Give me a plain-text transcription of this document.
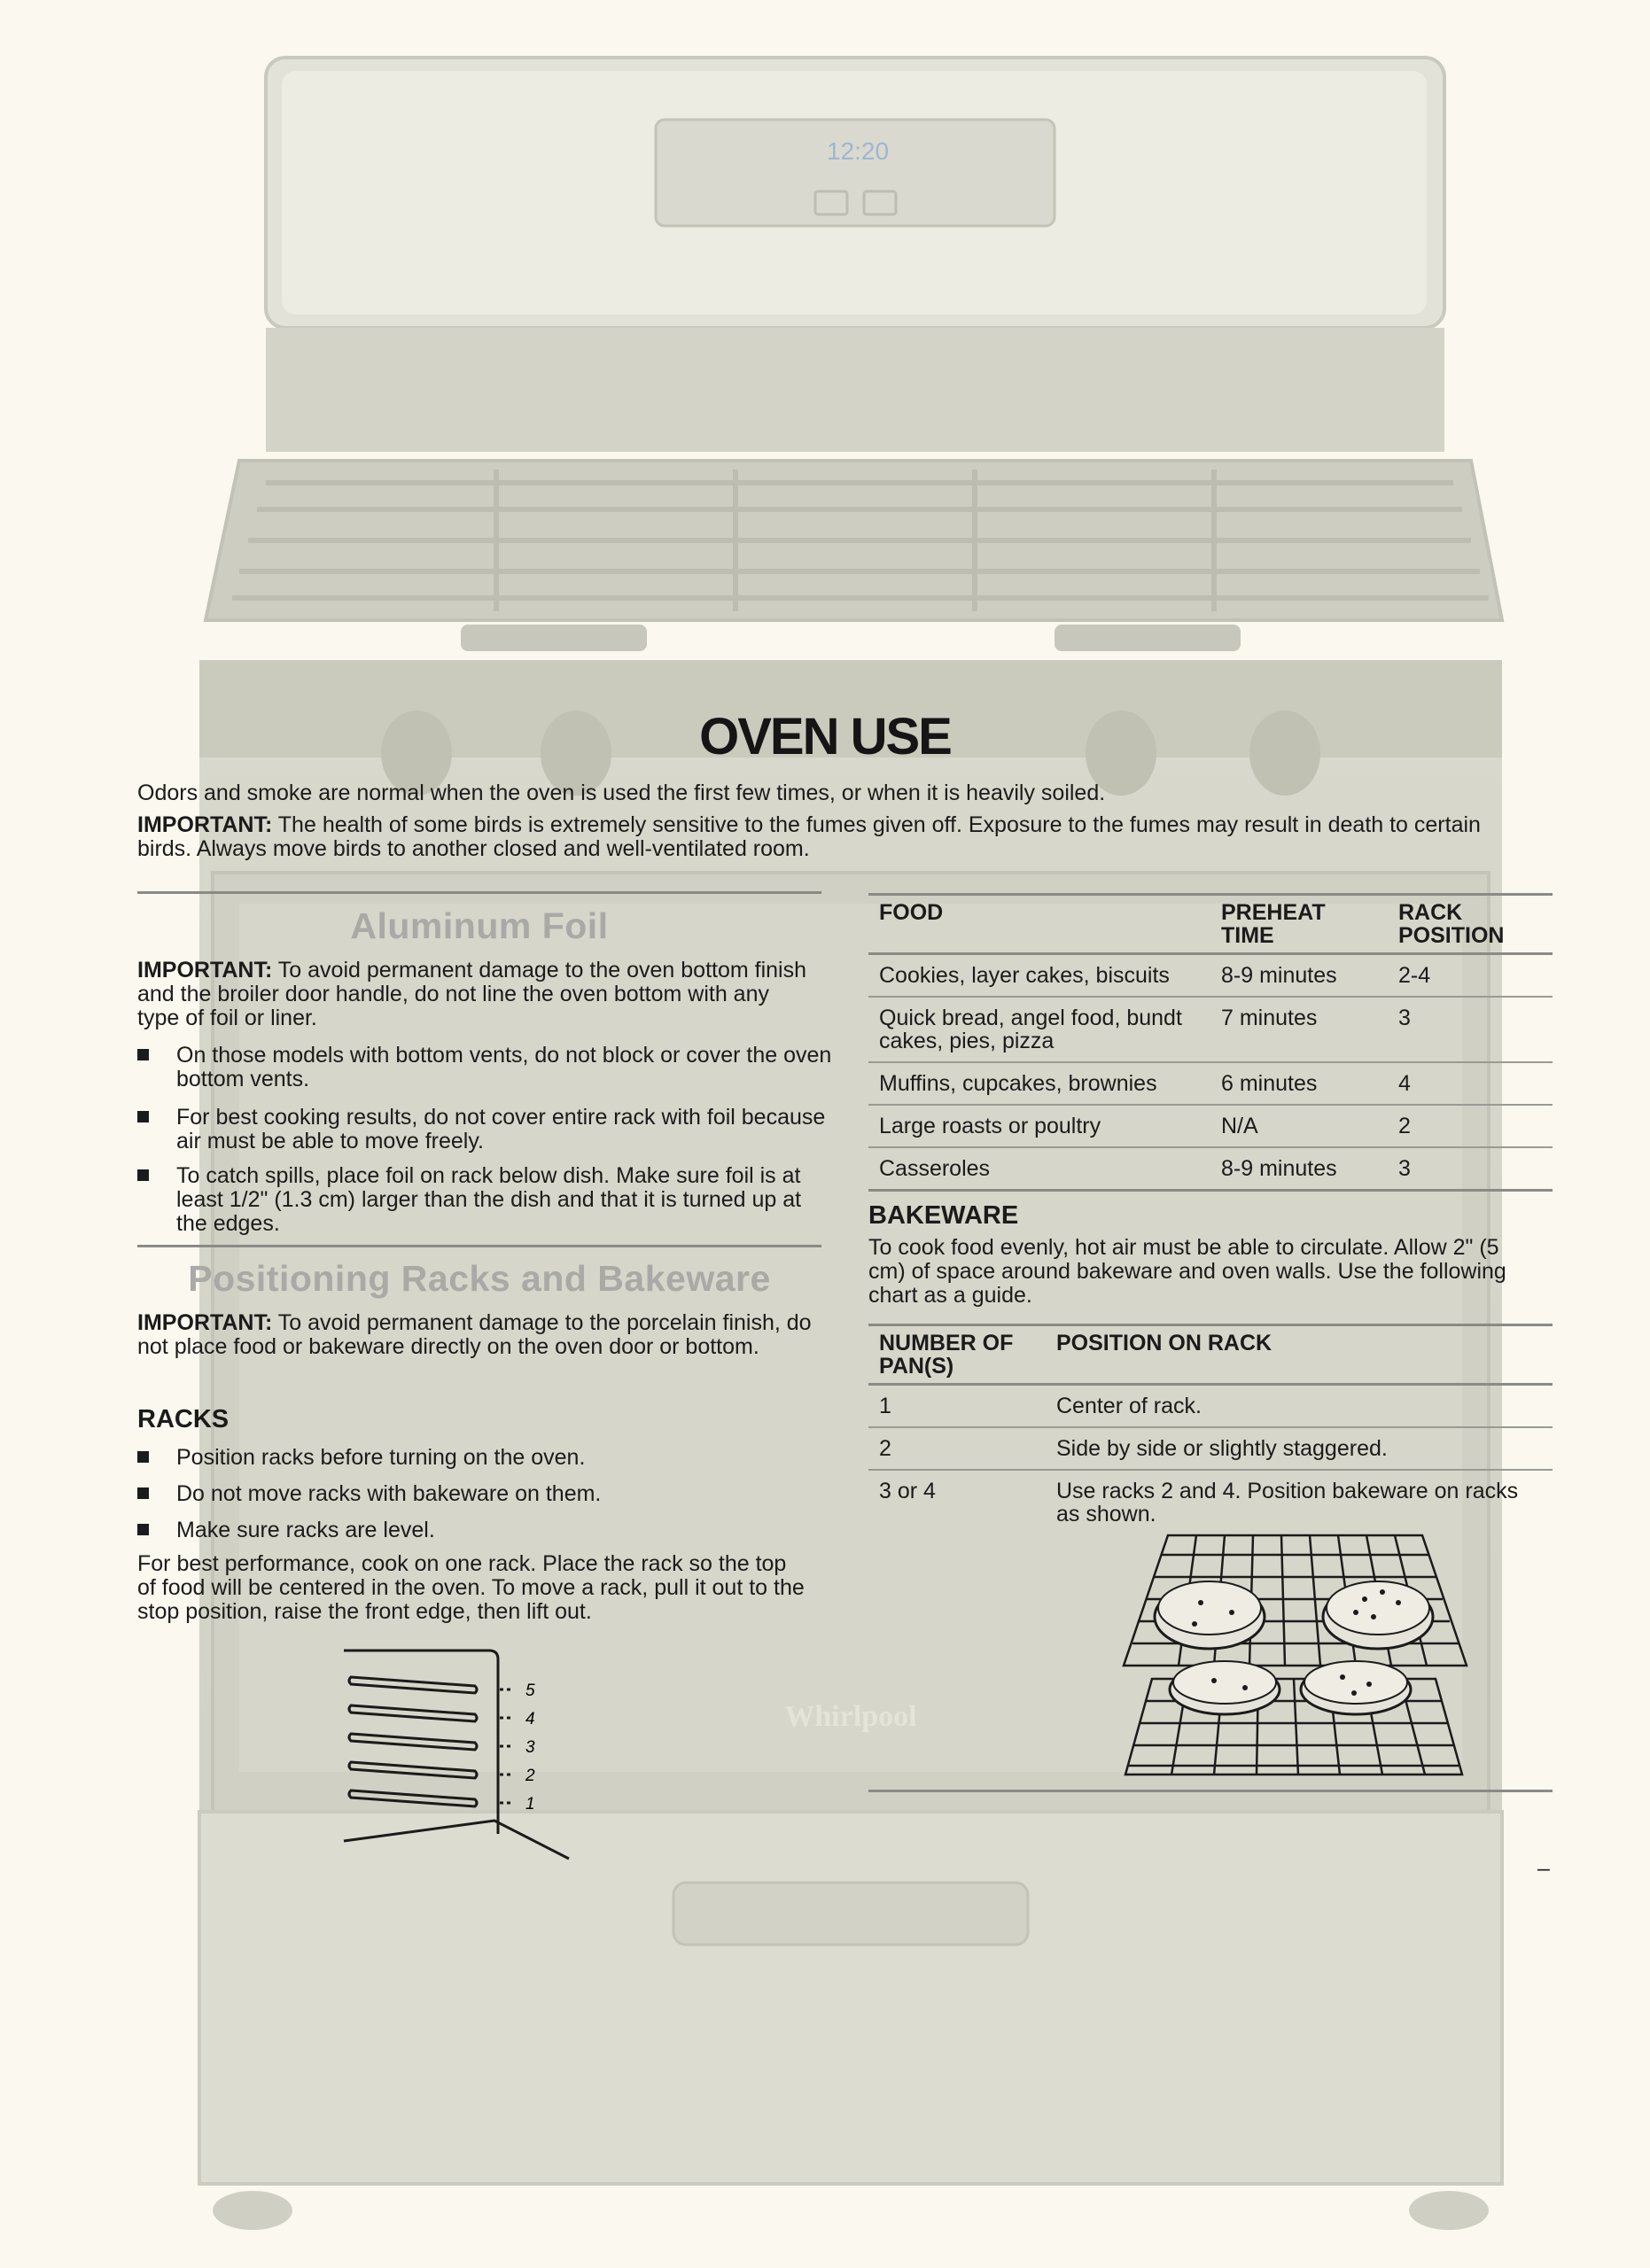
12:20
Whirlpool
OVEN USE
Odors and smoke are normal when the oven is used the first few times, or when it is heavily soiled.
IMPORTANT: The health of some birds is extremely sensitive to the fumes given off. Exposure to the fumes may result in death to certain birds. Always move birds to another closed and well-ventilated room.
Aluminum Foil
IMPORTANT: To avoid permanent damage to the oven bottom finish and the broiler door handle, do not line the oven bottom with any type of foil or liner.
On those models with bottom vents, do not block or cover the oven bottom vents.
For best cooking results, do not cover entire rack with foil because air must be able to move freely.
To catch spills, place foil on rack below dish. Make sure foil is at least 1/2" (1.3 cm) larger than the dish and that it is turned up at the edges.
Positioning Racks and Bakeware
IMPORTANT: To avoid permanent damage to the porcelain finish, do not place food or bakeware directly on the oven door or bottom.
RACKS
Position racks before turning on the oven.
Do not move racks with bakeware on them.
Make sure racks are level.
For best performance, cook on one rack. Place the rack so the top of food will be centered in the oven. To move a rack, pull it out to the stop position, raise the front edge, then lift out.
5
4
3
2
1
FOOD	PREHEAT TIME	RACK POSITION
Cookies, layer cakes, biscuits	8-9 minutes	2-4
Quick bread, angel food, bundt cakes, pies, pizza	7 minutes	3
Muffins, cupcakes, brownies	6 minutes	4
Large roasts or poultry	N/A	2
Casseroles	8-9 minutes	3
BAKEWARE
To cook food evenly, hot air must be able to circulate. Allow 2" (5 cm) of space around bakeware and oven walls. Use the following chart as a guide.
NUMBER OF PAN(S)	POSITION ON RACK
1	Center of rack.
2	Side by side or slightly staggered.
3 or 4	Use racks 2 and 4. Position bakeware on racks as shown.
–
